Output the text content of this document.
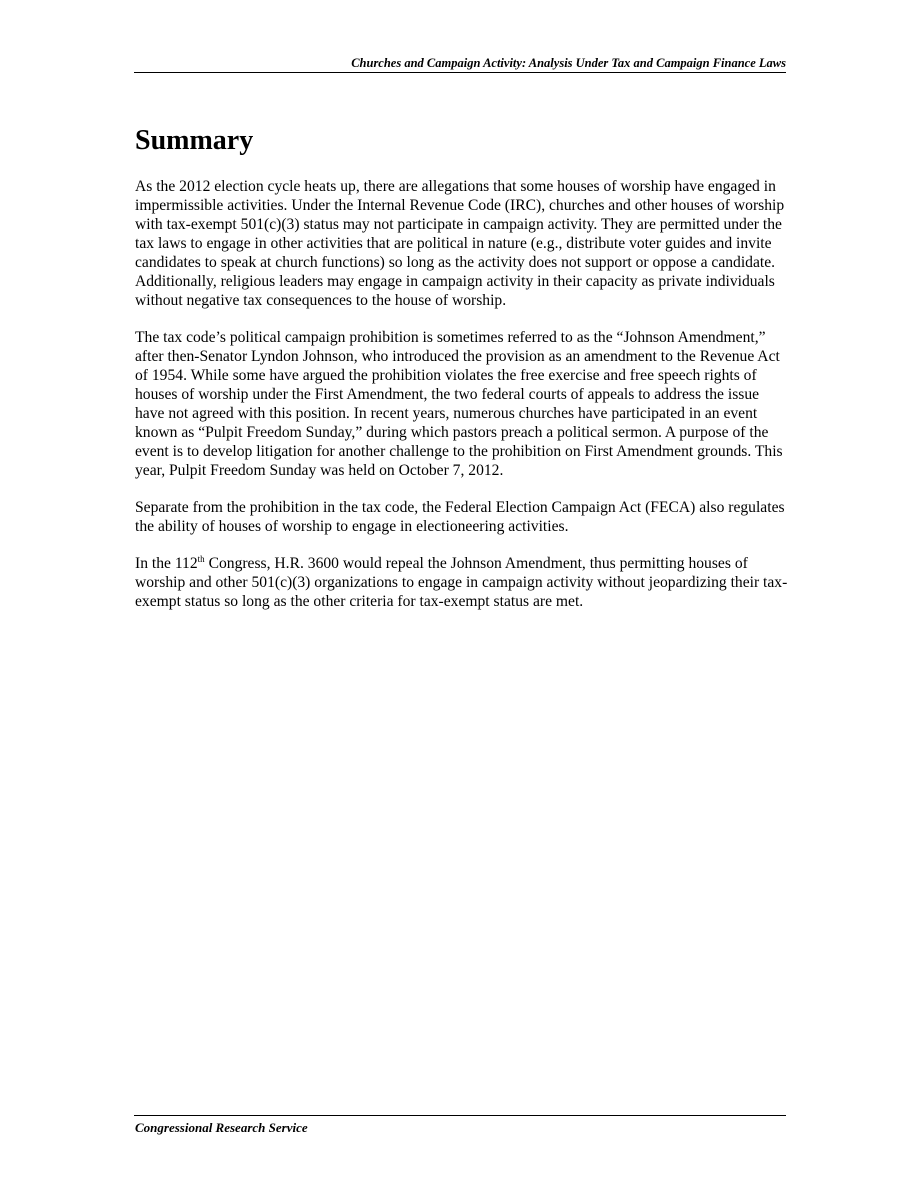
Churches and Campaign Activity: Analysis Under Tax and Campaign Finance Laws
Summary

As the 2012 election cycle heats up, there are allegations that some houses of worship have engaged in impermissible activities. Under the Internal Revenue Code (IRC), churches and other houses of worship with tax-exempt 501(c)(3) status may not participate in campaign activity. They are permitted under the tax laws to engage in other activities that are political in nature (e.g., distribute voter guides and invite candidates to speak at church functions) so long as the activity does not support or oppose a candidate. Additionally, religious leaders may engage in campaign activity in their capacity as private individuals without negative tax consequences to the house of worship.

The tax code’s political campaign prohibition is sometimes referred to as the “Johnson Amendment,” after then-Senator Lyndon Johnson, who introduced the provision as an amendment to the Revenue Act of 1954. While some have argued the prohibition violates the free exercise and free speech rights of houses of worship under the First Amendment, the two federal courts of appeals to address the issue have not agreed with this position. In recent years, numerous churches have participated in an event known as “Pulpit Freedom Sunday,” during which pastors preach a political sermon. A purpose of the event is to develop litigation for another challenge to the prohibition on First Amendment grounds. This year, Pulpit Freedom Sunday was held on October 7, 2012.

Separate from the prohibition in the tax code, the Federal Election Campaign Act (FECA) also regulates the ability of houses of worship to engage in electioneering activities.

In the 112th Congress, H.R. 3600 would repeal the Johnson Amendment, thus permitting houses of worship and other 501(c)(3) organizations to engage in campaign activity without jeopardizing their tax-exempt status so long as the other criteria for tax-exempt status are met.

Congressional Research Service
